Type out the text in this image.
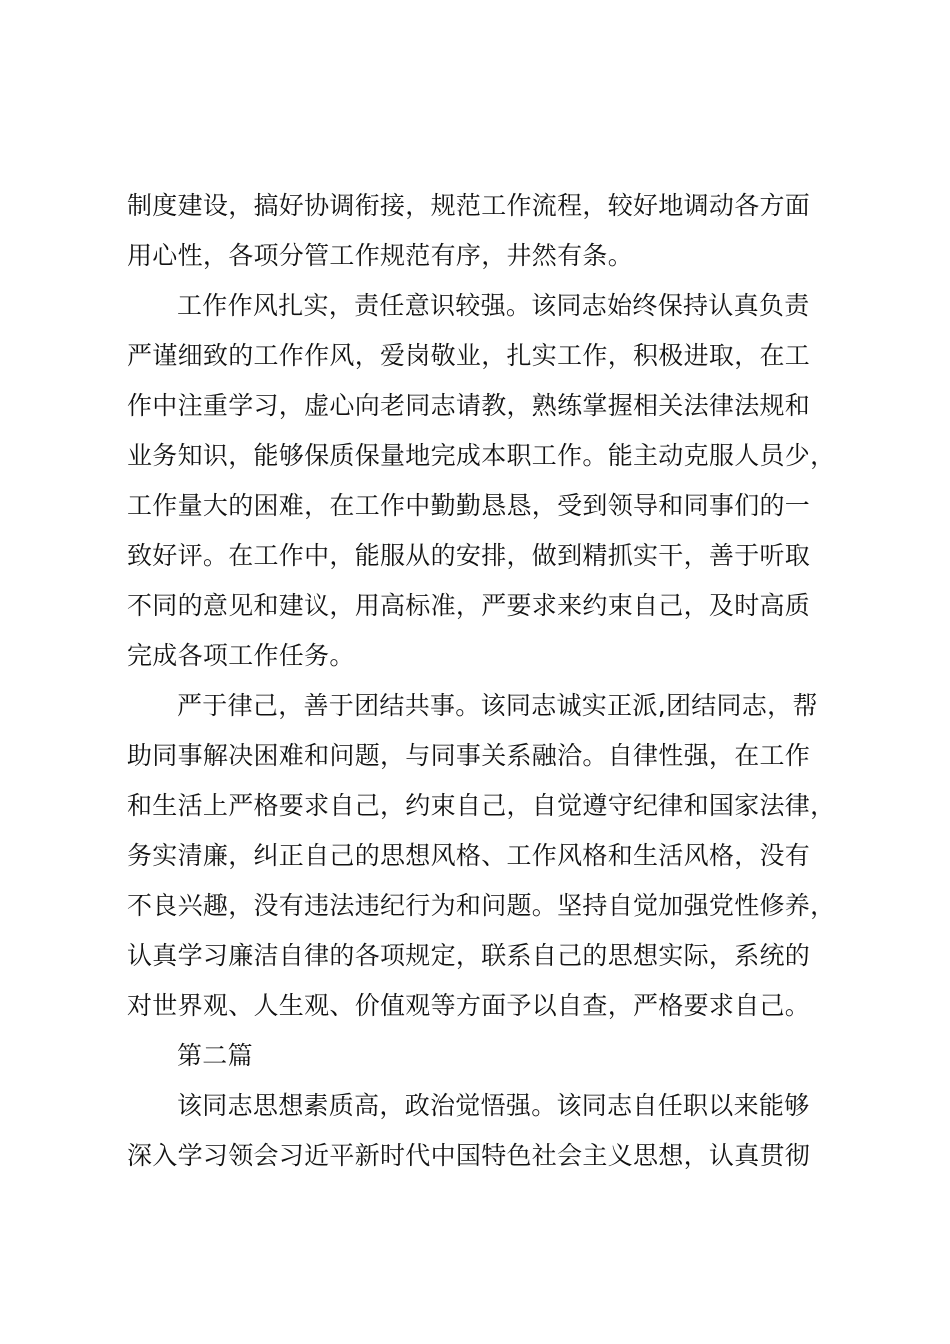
制度建设，搞好协调衔接，规范工作流程，较好地调动各方面
用心性，各项分管工作规范有序，井然有条。
工作作风扎实，责任意识较强。该同志始终保持认真负责
严谨细致的工作作风，爱岗敬业，扎实工作，积极进取，在工
作中注重学习，虚心向老同志请教，熟练掌握相关法律法规和
业务知识，能够保质保量地完成本职工作。能主动克服人员少，
工作量大的困难，在工作中勤勤恳恳，受到领导和同事们的一
致好评。在工作中，能服从的安排，做到精抓实干，善于听取
不同的意见和建议，用高标准，严要求来约束自己，及时高质
完成各项工作任务。
严于律己，善于团结共事。该同志诚实正派,团结同志，帮
助同事解决困难和问题，与同事关系融洽。自律性强，在工作
和生活上严格要求自己，约束自己，自觉遵守纪律和国家法律，
务实清廉，纠正自己的思想风格、工作风格和生活风格，没有
不良兴趣，没有违法违纪行为和问题。坚持自觉加强党性修养，
认真学习廉洁自律的各项规定，联系自己的思想实际，系统的
对世界观、人生观、价值观等方面予以自查，严格要求自己。
第二篇
该同志思想素质高，政治觉悟强。该同志自任职以来能够
深入学习领会习近平新时代中国特色社会主义思想，认真贯彻
